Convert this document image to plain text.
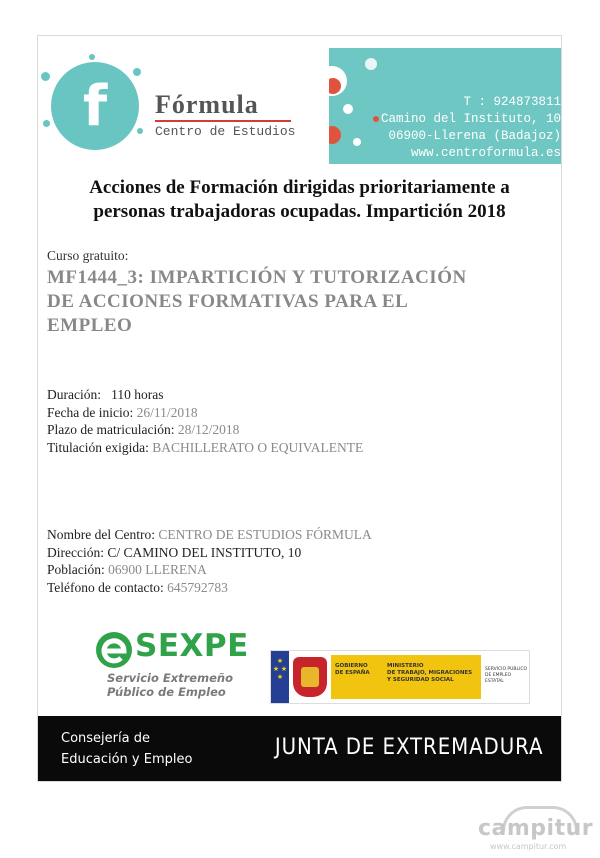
f	Fórmula
Centro de Estudios
T : 924873811
Camino del Instituto, 10
06900-Llerena (Badajoz)
www.centroformula.es
Acciones de Formación dirigidas prioritariamente a
personas trabajadoras ocupadas. Impartición 2018
Curso gratuito:
MF1444_3: IMPARTICIÓN Y TUTORIZACIÓN
DE ACCIONES FORMATIVAS PARA EL
EMPLEO
Duración: 110 horas
Fecha de inicio: 26/11/2018
Plazo de matriculación: 28/12/2018
Titulación exigida: BACHILLERATO O EQUIVALENTE
Nombre del Centro: CENTRO DE ESTUDIOS FÓRMULA
Dirección: C/ CAMINO DEL INSTITUTO, 10
Población: 06900 LLERENA
Teléfono de contacto: 645792783
SEXPE
Servicio Extremeño
Público de Empleo
★
★ ★
★
GOBIERNO
DE ESPAÑA
MINISTERIO
DE TRABAJO, MIGRACIONES
Y SEGURIDAD SOCIAL
SERVICIO PÚBLICO
DE EMPLEO ESTATAL
Consejería de
Educación y Empleo	JUNTA DE EXTREMADURA
campitur
www.campitur.com
